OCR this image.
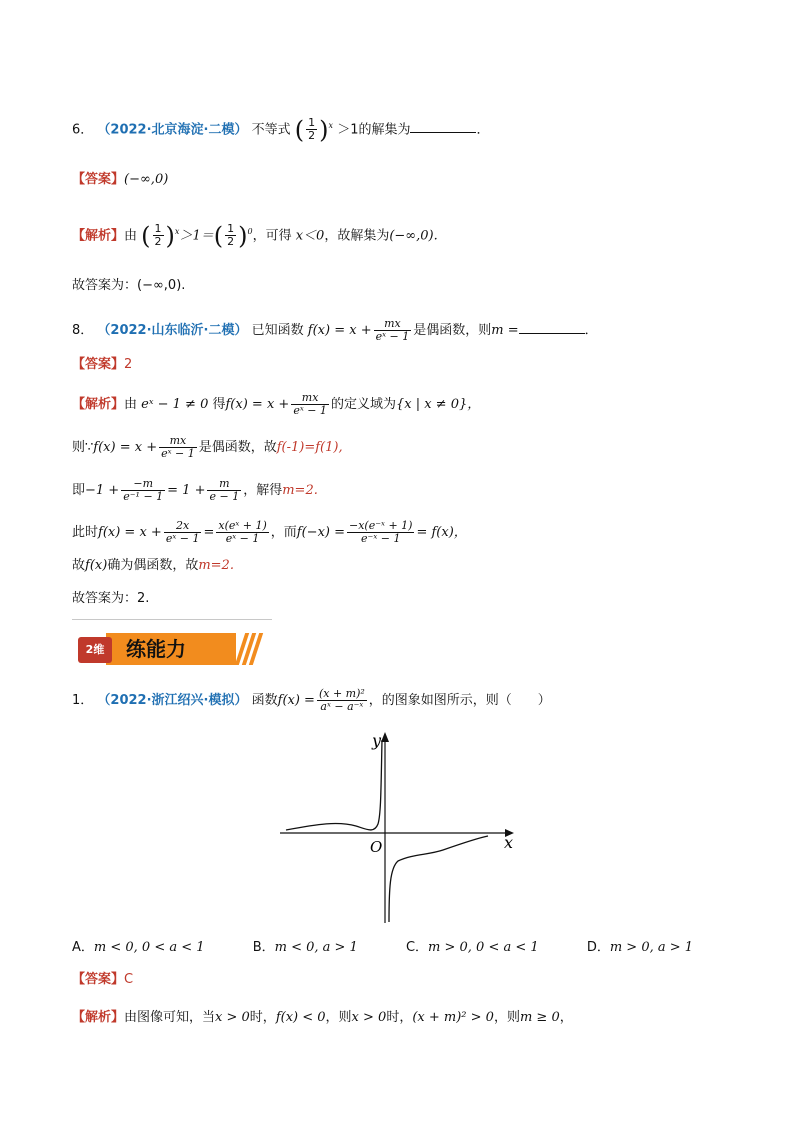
6． （2022·北京海淀·二模） 不等式 ( $\frac{1}{2} )^x >1$的解集为	．
【答案】(−∞,0)
【解析】由 ( $\frac{1}{2} )^x>1=( \frac{1}{2} )^0$，可得 x＜0，故解集为(−∞,0).
故答案为：(−∞,0).
8． （2022·山东临沂·二模） 已知函数 $f(x) = x + \frac{mx}{\text{eˣ − 1}}$ 是偶函数，则m =	．
【答案】2
【解析】由 eˣ − 1 ≠ 0 得$f(x) = x + \frac{mx}{\text{eˣ − 1}}$ 的定义域为{x | x ≠ 0}，
则∵f(x) = $x + \frac{mx}{\text{eˣ − 1}}$ 是偶函数，故f(-1)=f(1),
即$-1 + \frac{-m}{\text{e⁻¹ − 1}} = 1 + \frac{m}{e - 1}$ ，解得m=2.
此时$f(x) = x + \frac{2x}{\text{eˣ − 1}} = \frac{\text{x(eˣ + 1)}}{\text{eˣ − 1}}$ ，而$f(-x) = \frac{\text{−x(e⁻ˣ + 1)}}{\text{e⁻ˣ − 1}} = f(x)$，
故f(x)确为偶函数，故m=2.
故答案为：2.
练能力
2维
1． （2022·浙江绍兴·模拟） 函数$f(x) = \frac{\text{(x + m)²}}{\text{aˣ − a⁻ˣ}}$ ，的图象如图所示，则（　　）
y
x
O
A．m < 0, 0 < a < 1	B．m < 0, a > 1	C．m > 0, 0 < a < 1	D．m > 0, a > 1
【答案】C
【解析】由图像可知，当x > 0时，f(x) < 0，则x > 0时，(x + m)² > 0，则m ≥ 0，
